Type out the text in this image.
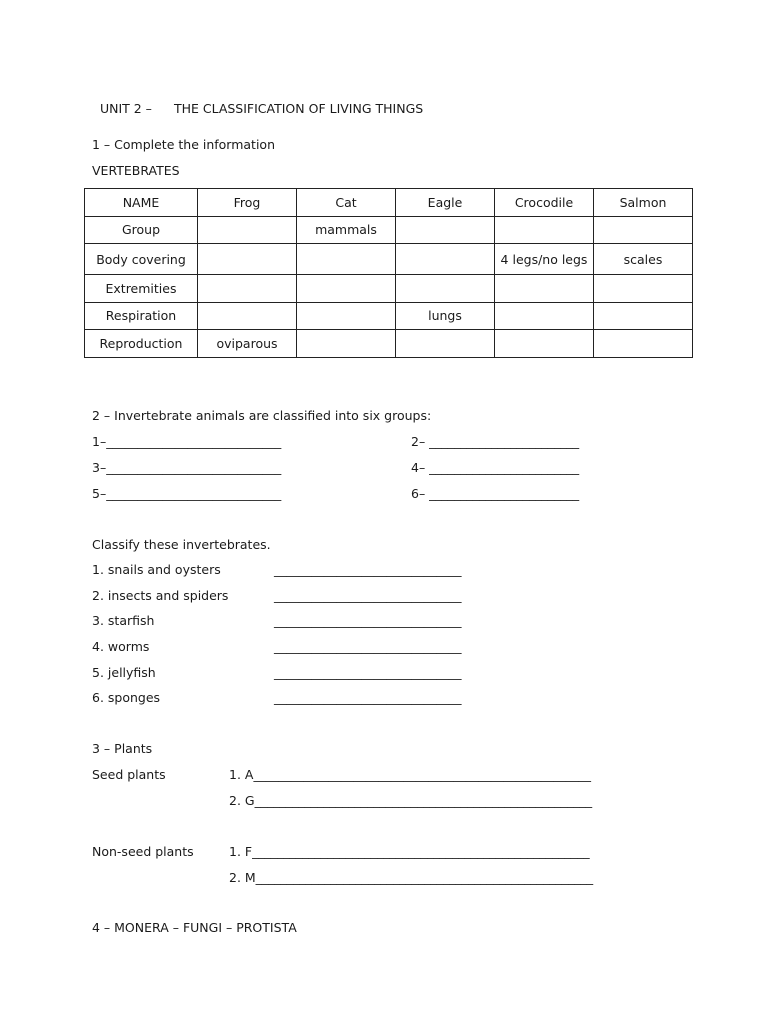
UNIT 2 – THE CLASSIFICATION OF LIVING THINGS

1 – Complete the information
VERTEBRATES
NAME	Frog	Cat	Eagle	Crocodile	Salmon
Group		mammals			
Body covering				4 legs/no legs	scales
Extremities					
Respiration			lungs		
Reproduction	oviparous				
2 – Invertebrate animals are classified into six groups:
1–____________________________	2– ________________________
3–____________________________	4– ________________________
5–____________________________	6– ________________________
Classify these invertebrates.
1. snails and oysters	______________________________
2. insects and spiders	______________________________
3. starfish	______________________________
4. worms	______________________________
5. jellyfish	______________________________
6. sponges	______________________________
3 – Plants
Seed plants	1. A______________________________________________________
2. G______________________________________________________
Non-seed plants	1. F______________________________________________________
2. M______________________________________________________
4 – MONERA – FUNGI – PROTISTA
